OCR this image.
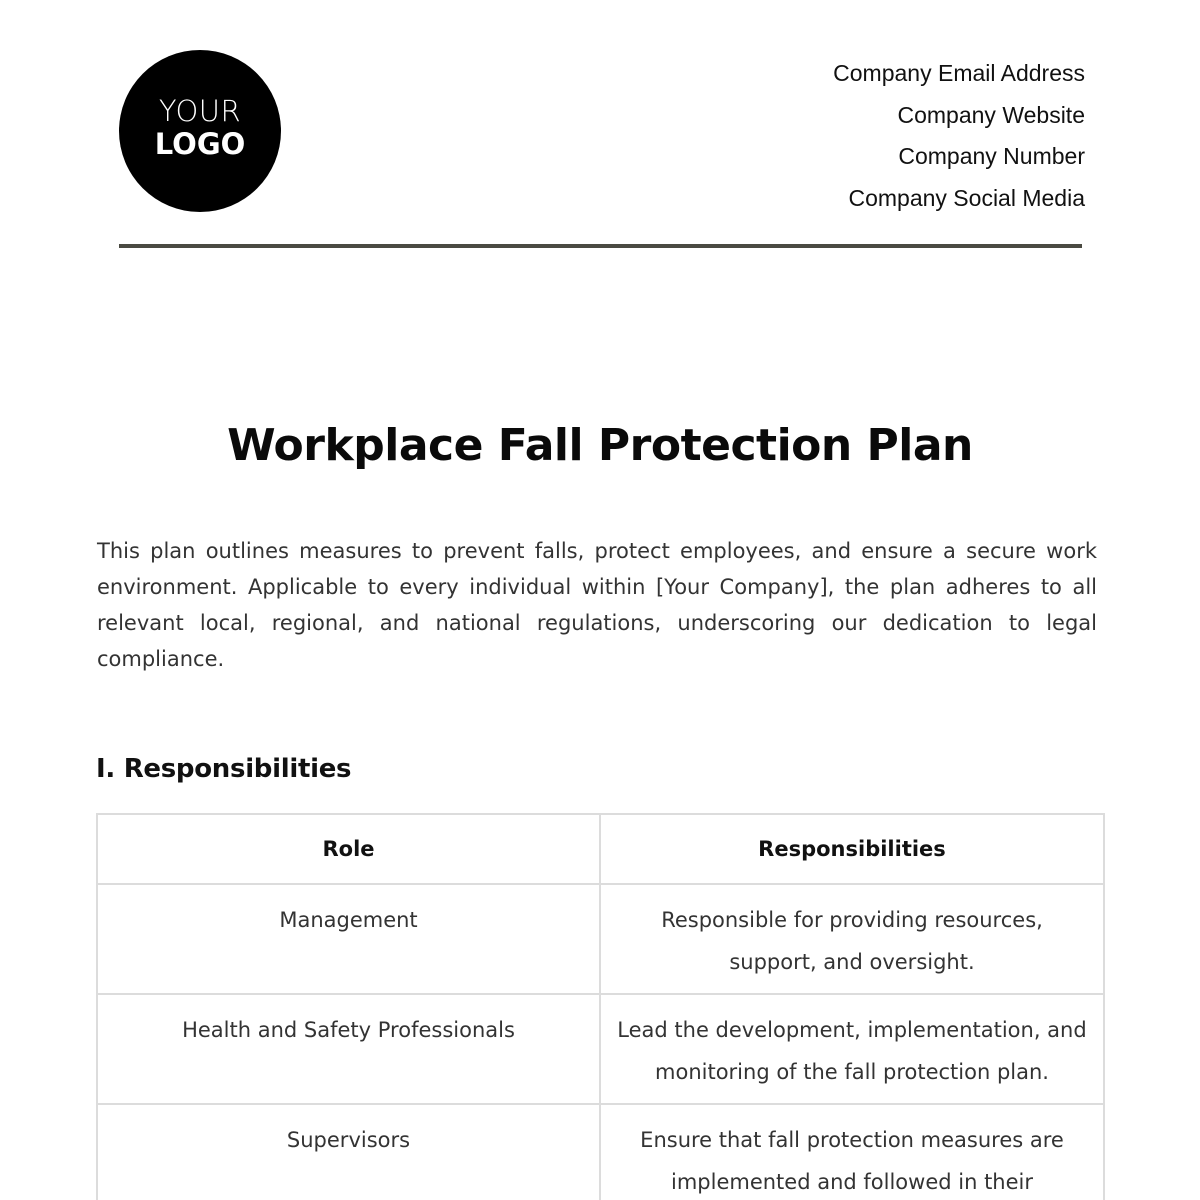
YOUR
LOGO
Company Email Address
Company Website
Company Number
Company Social Media
Workplace Fall Protection Plan
This plan outlines measures to prevent falls, protect employees, and ensure a secure work environment. Applicable to every individual within [Your Company], the plan adheres to all relevant local, regional, and national regulations, underscoring our dedication to legal compliance.
I. Responsibilities
Role	Responsibilities
Management	Responsible for providing resources, support, and oversight.
Health and Safety Professionals	Lead the development, implementation, and monitoring of the fall protection plan.
Supervisors	Ensure that fall protection measures are implemented and followed in their
